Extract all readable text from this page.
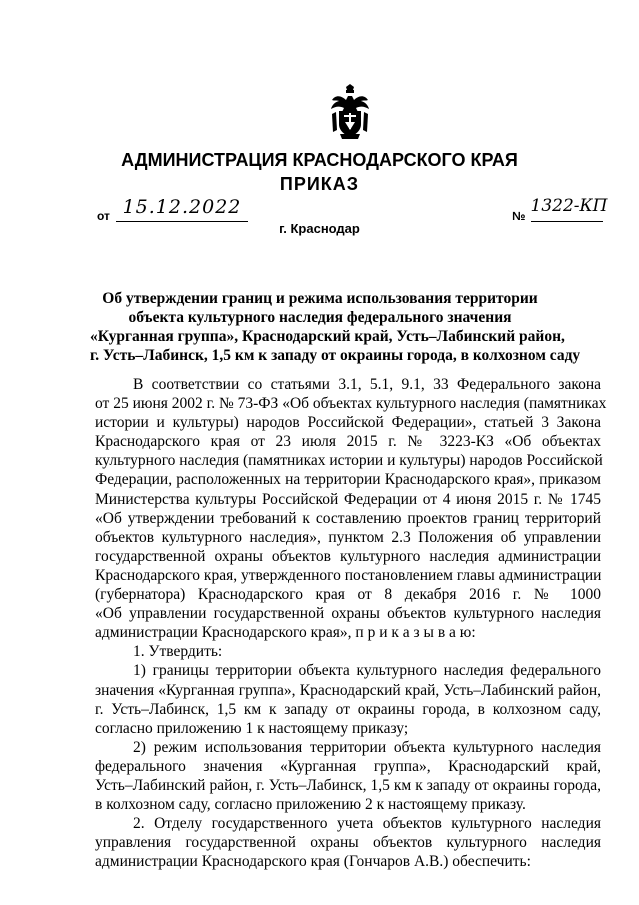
АДМИНИСТРАЦИЯ КРАСНОДАРСКОГО КРАЯ
ПРИКАЗ
от 15.12.2022	№ 1322-КП
г. Краснодар
Об утверждении границ и режима использования территории
объекта культурного наследия федерального значения
«Курганная группа», Краснодарский край, Усть–Лабинский район,
г. Усть–Лабинск, 1,5 км к западу от окраины города, в колхозном саду
В соответствии со статьями 3.1, 5.1, 9.1, 33 Федерального закона
от 25 июня 2002 г. № 73-ФЗ «Об объектах культурного наследия (памятниках
истории и культуры) народов Российской Федерации», статьей 3 Закона
Краснодарского края от 23 июля 2015 г. № 3223-КЗ «Об объектах
культурного наследия (памятниках истории и культуры) народов Российской
Федерации, расположенных на территории Краснодарского края», приказом
Министерства культуры Российской Федерации от 4 июня 2015 г. № 1745
«Об утверждении требований к составлению проектов границ территорий
объектов культурного наследия», пунктом 2.3 Положения об управлении
государственной охраны объектов культурного наследия администрации
Краснодарского края, утвержденного постановлением главы администрации
(губернатора) Краснодарского края от 8 декабря 2016 г. № 1000
«Об управлении государственной охраны объектов культурного наследия
администрации Краснодарского края», п р и к а з ы в а ю:
1. Утвердить:
1) границы территории объекта культурного наследия федерального
значения «Курганная группа», Краснодарский край, Усть–Лабинский район,
г. Усть–Лабинск, 1,5 км к западу от окраины города, в колхозном саду,
согласно приложению 1 к настоящему приказу;
2) режим использования территории объекта культурного наследия
федерального значения «Курганная группа», Краснодарский край,
Усть–Лабинский район, г. Усть–Лабинск, 1,5 км к западу от окраины города,
в колхозном саду, согласно приложению 2 к настоящему приказу.
2. Отделу государственного учета объектов культурного наследия
управления государственной охраны объектов культурного наследия
администрации Краснодарского края (Гончаров А.В.) обеспечить:
